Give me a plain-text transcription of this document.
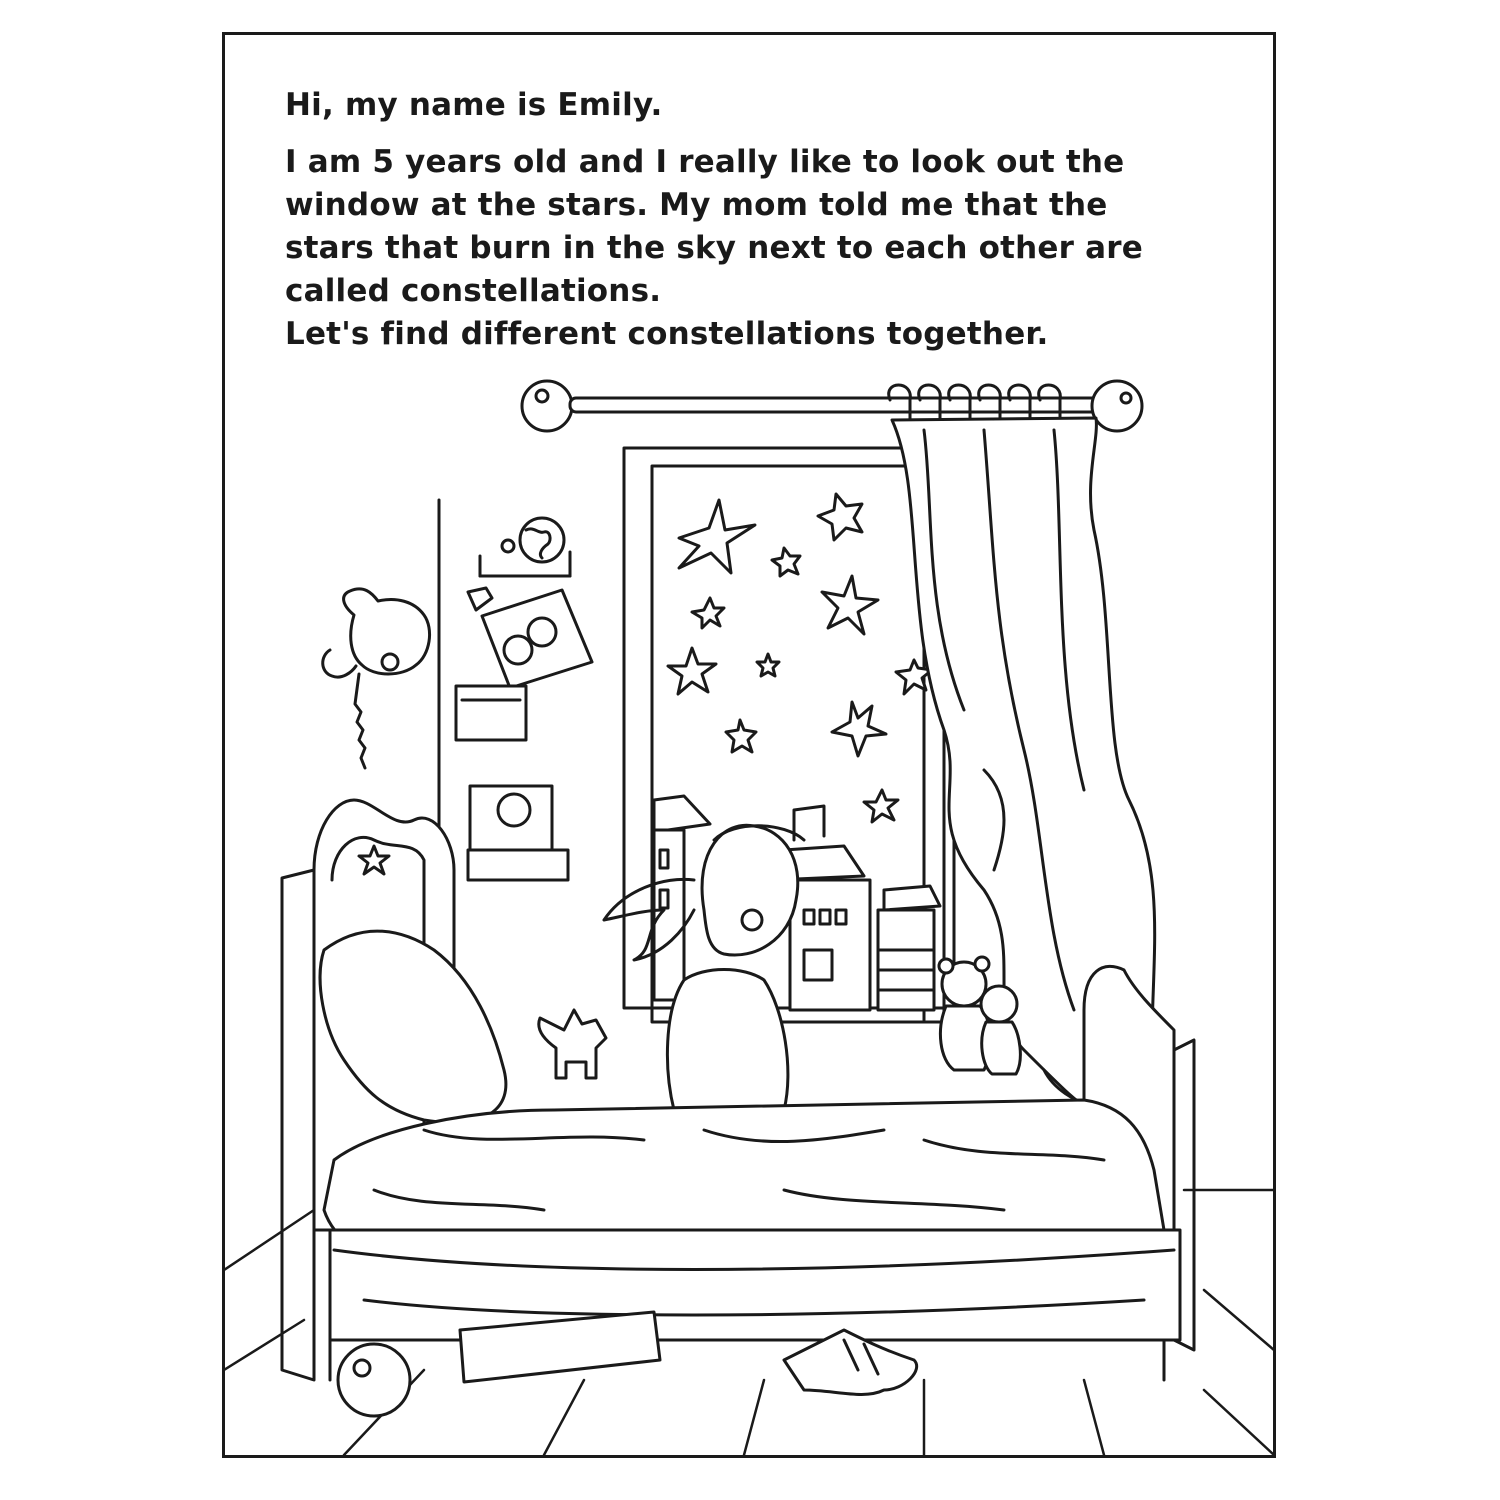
Hi, my name is Emily.

I am 5 years old and I really like to look out the
window at the stars. My mom told me that the
stars that burn in the sky next to each other are
called constellations.

Let's find different constellations together.
